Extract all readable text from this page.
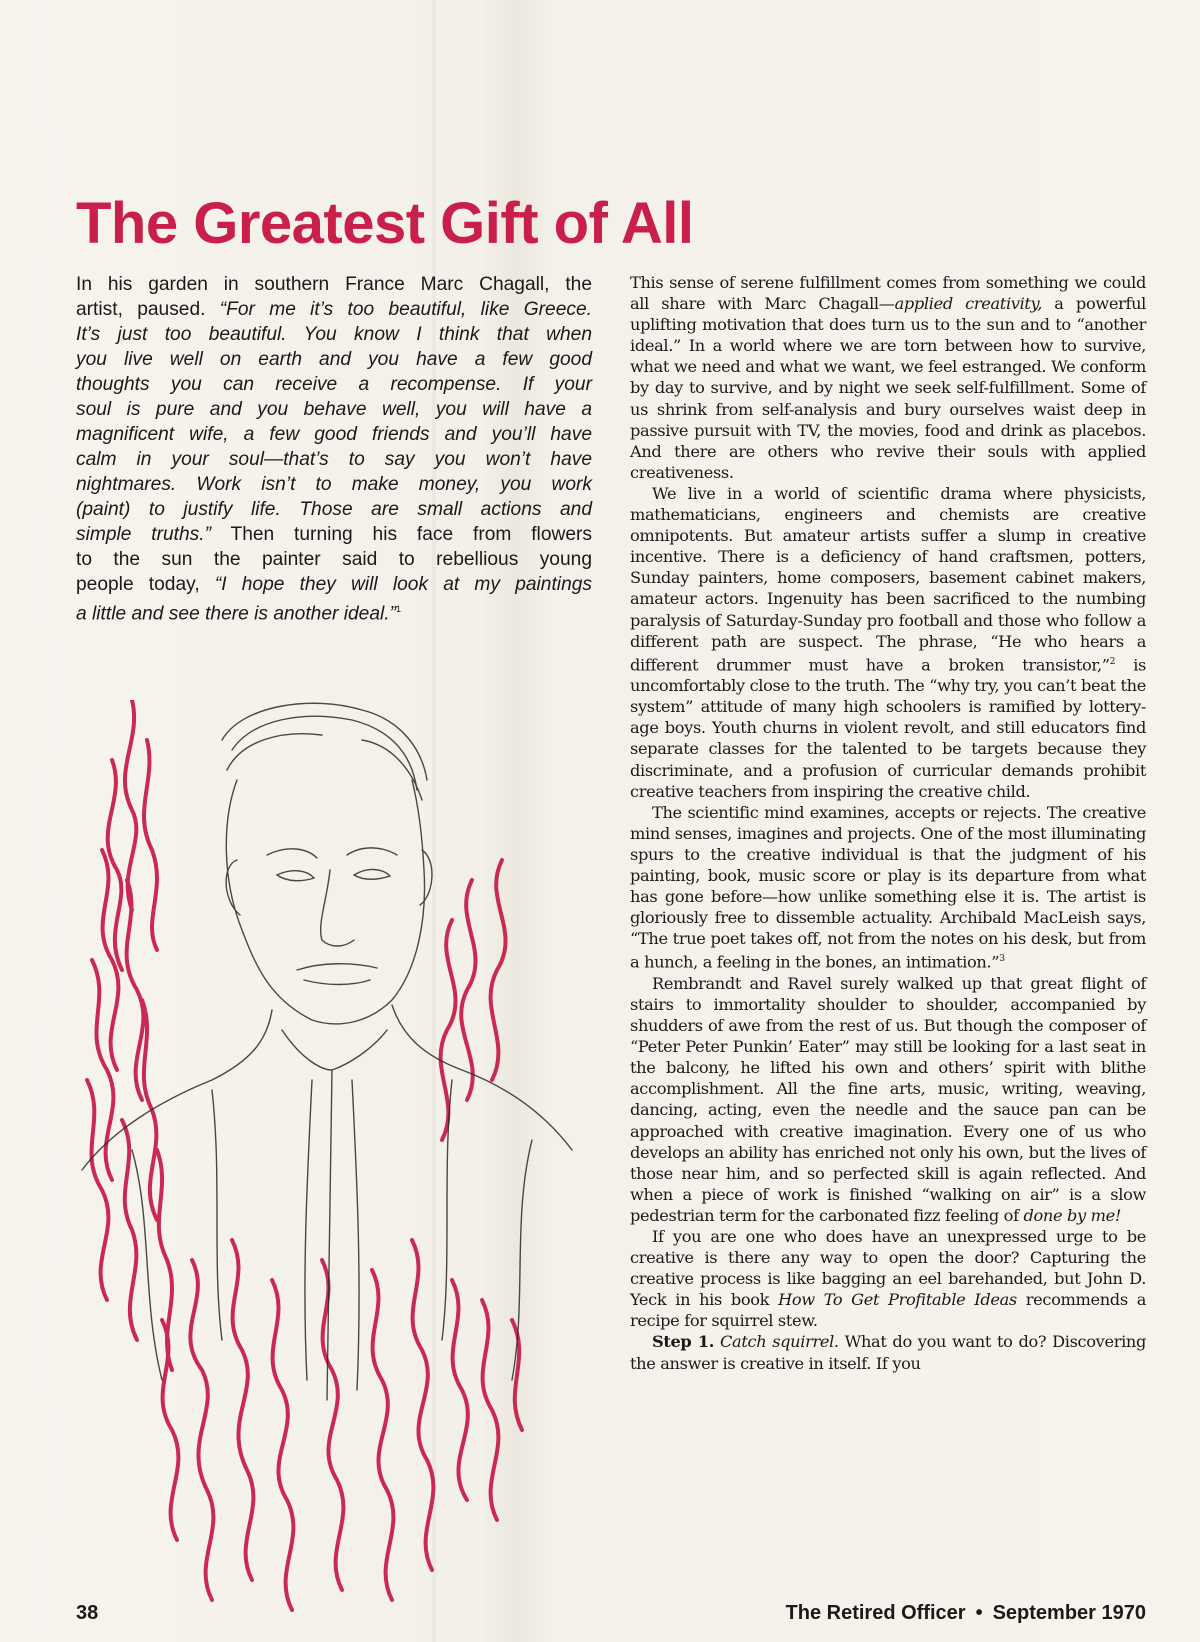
The Greatest Gift of All
In his garden in southern France Marc Chagall, the
artist, paused. “For me it’s too beautiful, like Greece.
It’s just too beautiful. You know I think that when
you live well on earth and you have a few good
thoughts you can receive a recompense. If your
soul is pure and you behave well, you will have a
magnificent wife, a few good friends and you’ll have
calm in your soul—that’s to say you won’t have
nightmares. Work isn’t to make money, you work
(paint) to justify life. Those are small actions and
simple truths.” Then turning his face from flowers
to the sun the painter said to rebellious young
people today, “I hope they will look at my paintings
a little and see there is another ideal.”$^1$

This sense of serene fulfillment comes from something we could all share with Marc Chagall—applied creativity, a powerful uplifting motivation that does turn us to the sun and to “another ideal.” In a world where we are torn between how to survive, what we need and what we want, we feel estranged. We conform by day to survive, and by night we seek self-fulfillment. Some of us shrink from self-analysis and bury ourselves waist deep in passive pursuit with TV, the movies, food and drink as placebos. And there are others who revive their souls with applied creativeness.

We live in a world of scientific drama where physicists, mathematicians, engineers and chemists are creative omnipotents. But amateur artists suffer a slump in creative incentive. There is a deficiency of hand craftsmen, potters, Sunday painters, home composers, basement cabinet makers, amateur actors. Ingenuity has been sacrificed to the numbing paralysis of Saturday-Sunday pro football and those who follow a different path are suspect. The phrase, “He who hears a different drummer must have a broken transistor,”$^2$ is uncomfortably close to the truth. The “why try, you can’t beat the system” attitude of many high schoolers is ramified by lottery-age boys. Youth churns in violent revolt, and still educators find separate classes for the talented to be targets because they discriminate, and a profusion of curricular demands prohibit creative teachers from inspiring the creative child.

The scientific mind examines, accepts or rejects. The creative mind senses, imagines and projects. One of the most illuminating spurs to the creative individual is that the judgment of his painting, book, music score or play is its departure from what has gone before—how unlike something else it is. The artist is gloriously free to dissemble actuality. Archibald MacLeish says, “The true poet takes off, not from the notes on his desk, but from a hunch, a feeling in the bones, an intimation.”$^3$

Rembrandt and Ravel surely walked up that great flight of stairs to immortality shoulder to shoulder, accompanied by shudders of awe from the rest of us. But though the composer of “Peter Peter Punkin’ Eater” may still be looking for a last seat in the balcony, he lifted his own and others’ spirit with blithe accomplishment. All the fine arts, music, writing, weaving, dancing, acting, even the needle and the sauce pan can be approached with creative imagination. Every one of us who develops an ability has enriched not only his own, but the lives of those near him, and so perfected skill is again reflected. And when a piece of work is finished “walking on air” is a slow pedestrian term for the carbonated fizz feeling of done by me!

If you are one who does have an unexpressed urge to be creative is there any way to open the door? Capturing the creative process is like bagging an eel barehanded, but John D. Yeck in his book How To Get Profitable Ideas recommends a recipe for squirrel stew.

Step 1. Catch squirrel. What do you want to do? Discovering the answer is creative in itself. If you

38	The Retired Officer • September 1970
